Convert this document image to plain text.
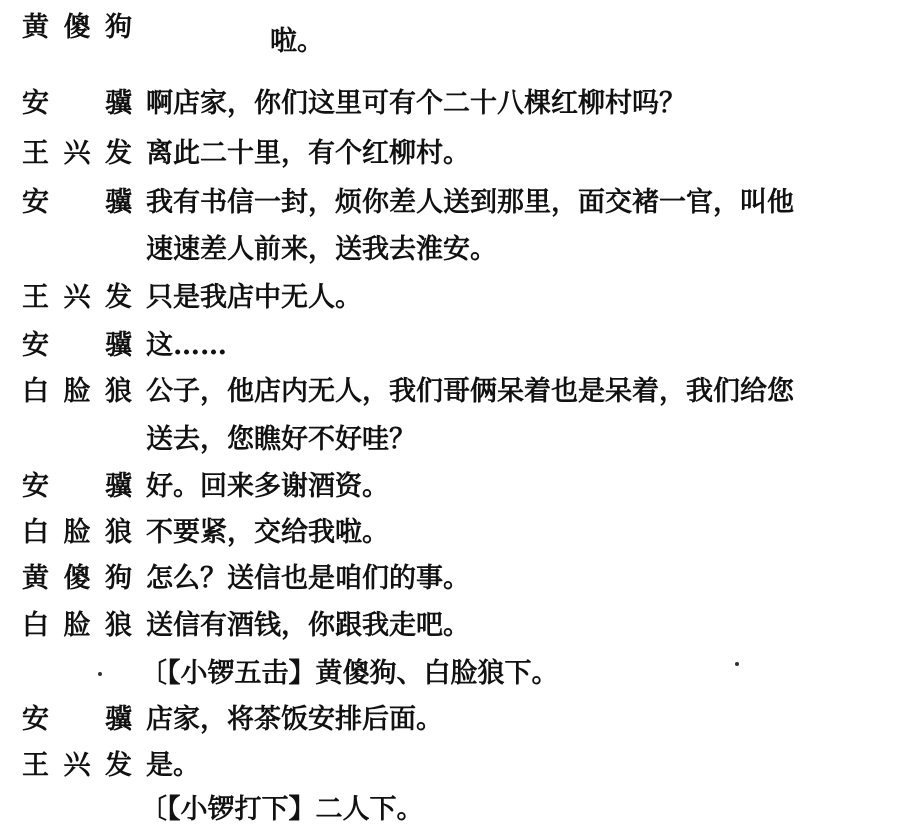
黄傻狗	啦。
安　骥 啊店家，你们这里可有个二十八棵红柳村吗？
王兴发 离此二十里，有个红柳村。
安　骥 我有书信一封，烦你差人送到那里，面交褚一官，叫他
速速差人前来，送我去淮安。
王兴发 只是我店中无人。
安　骥 这……
白脸狼 公子，他店内无人，我们哥俩呆着也是呆着，我们给您
送去，您瞧好不好哇？
安　骥 好。回来多谢酒资。
白脸狼 不要紧，交给我啦。
黄傻狗 怎么？送信也是咱们的事。
白脸狼 送信有酒钱，你跟我走吧。
〔【小锣五击】黄傻狗、白脸狼下。
安　骥 店家，将茶饭安排后面。
王兴发 是。
〔【小锣打下】二人下。
